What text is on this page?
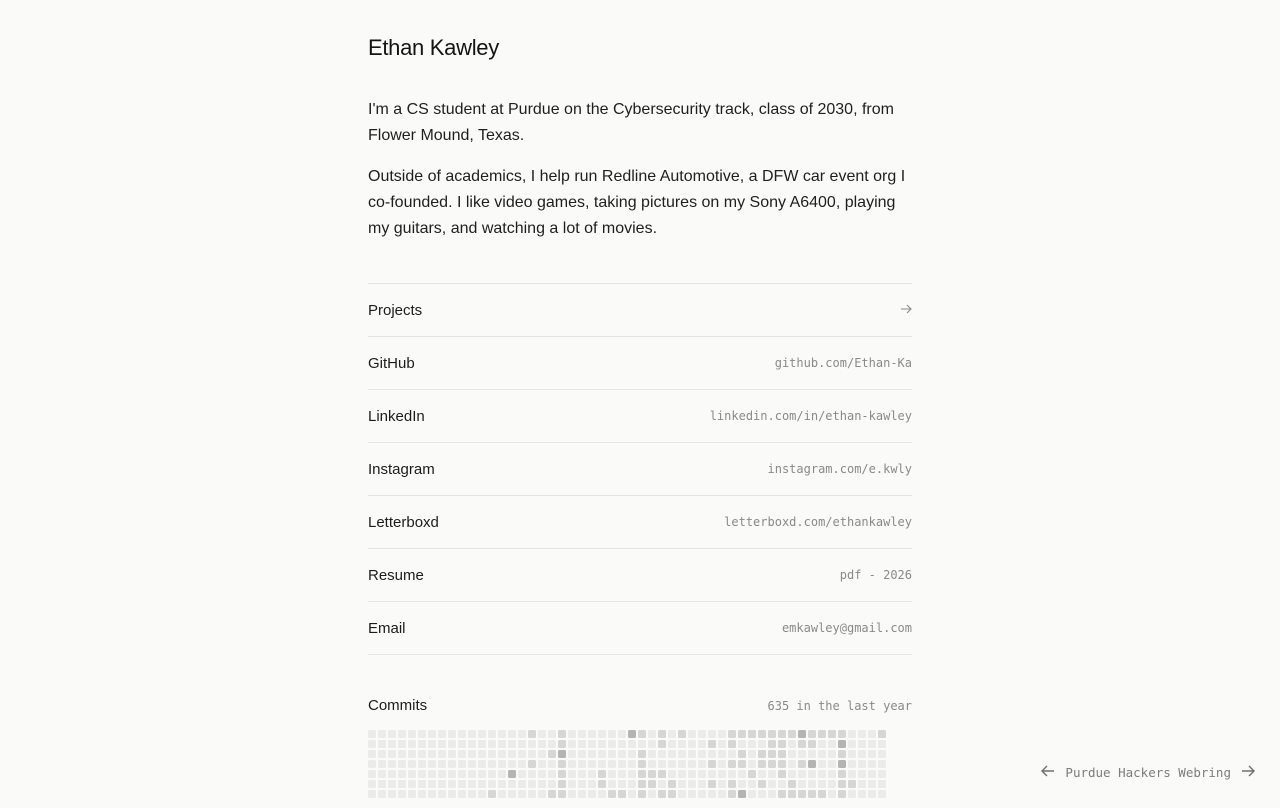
Ethan Kawley

I'm a CS student at Purdue on the Cybersecurity track, class of 2030, from Flower Mound, Texas.

Outside of academics, I help run Redline Automotive, a DFW car event org I co-founded. I like video games, taking pictures on my Sony A6400, playing my guitars, and watching a lot of movies.

Projects
GitHub	github.com/Ethan-Ka
LinkedIn	linkedin.com/in/ethan-kawley
Instagram	instagram.com/e.kwly
Letterboxd	letterboxd.com/ethankawley
Resume	pdf - 2026
Email	emkawley@gmail.com
Commits	635 in the last year
Purdue Hackers Webring
